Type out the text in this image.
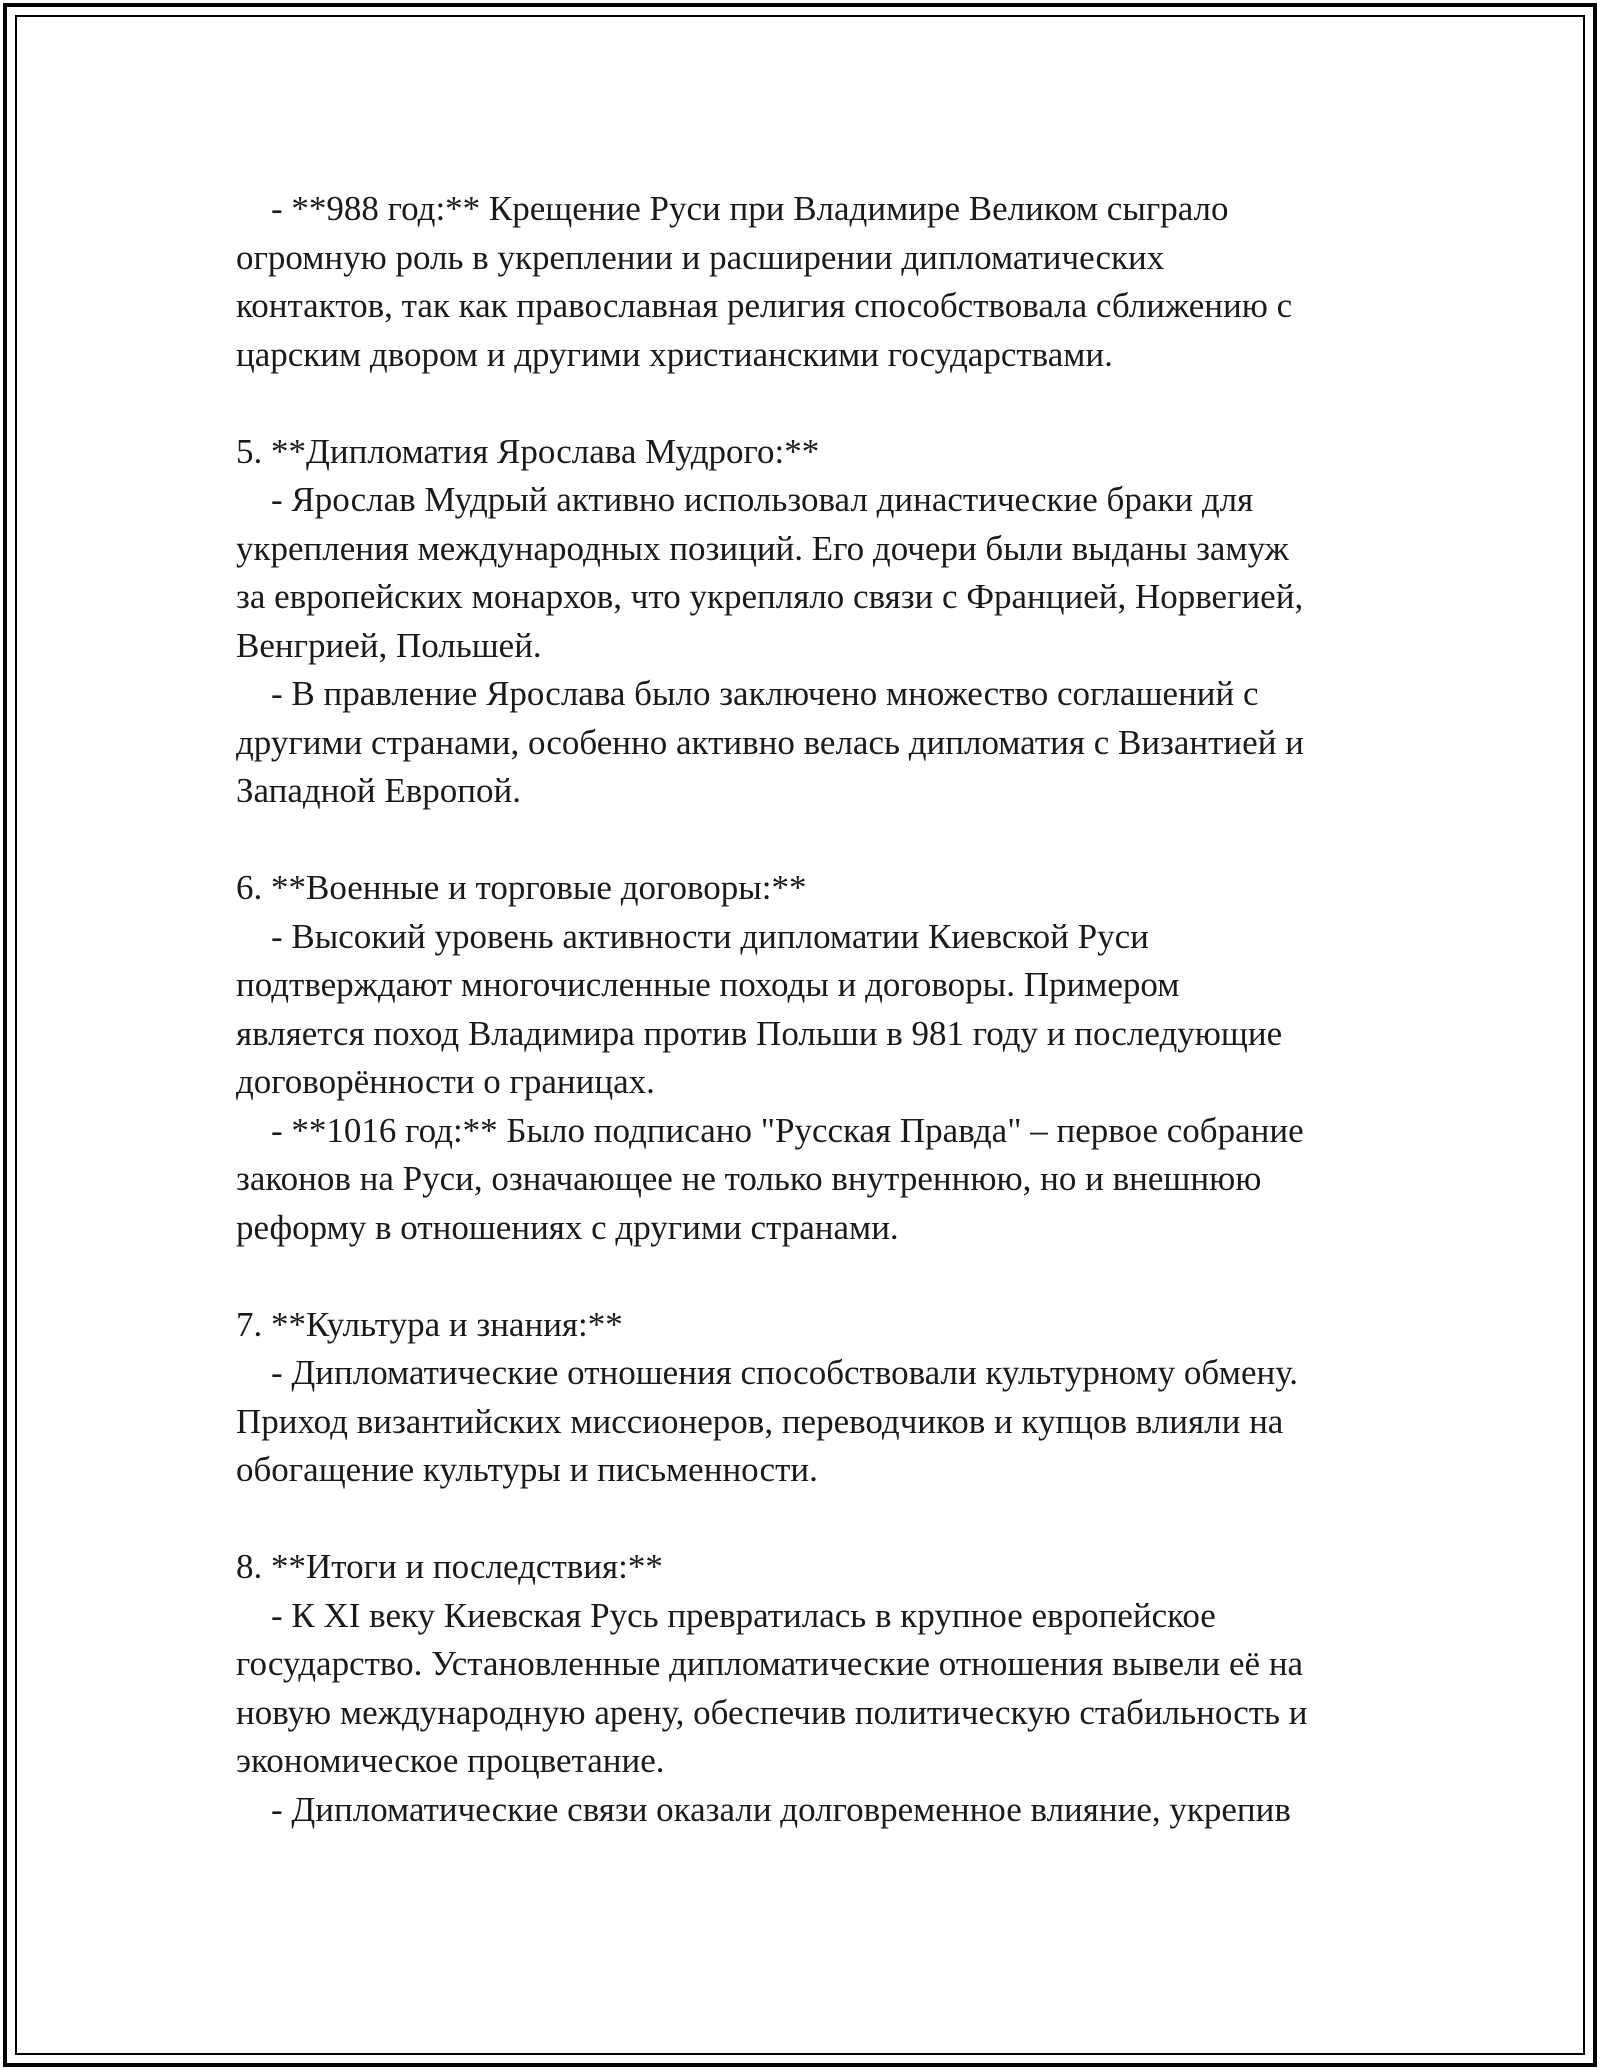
- **988 год:** Крещение Руси при Владимире Великом сыграло
огромную роль в укреплении и расширении дипломатических
контактов, так как православная религия способствовала сближению с
царским двором и другими христианскими государствами.
5. **Дипломатия Ярослава Мудрого:**
- Ярослав Мудрый активно использовал династические браки для
укрепления международных позиций. Его дочери были выданы замуж
за европейских монархов, что укрепляло связи с Францией, Норвегией,
Венгрией, Польшей.
- В правление Ярослава было заключено множество соглашений с
другими странами, особенно активно велась дипломатия с Византией и
Западной Европой.
6. **Военные и торговые договоры:**
- Высокий уровень активности дипломатии Киевской Руси
подтверждают многочисленные походы и договоры. Примером
является поход Владимира против Польши в 981 году и последующие
договорённости о границах.
- **1016 год:** Было подписано "Русская Правда" – первое собрание
законов на Руси, означающее не только внутреннюю, но и внешнюю
реформу в отношениях с другими странами.
7. **Культура и знания:**
- Дипломатические отношения способствовали культурному обмену.
Приход византийских миссионеров, переводчиков и купцов влияли на
обогащение культуры и письменности.
8. **Итоги и последствия:**
- К XI веку Киевская Русь превратилась в крупное европейское
государство. Установленные дипломатические отношения вывели её на
новую международную арену, обеспечив политическую стабильность и
экономическое процветание.
- Дипломатические связи оказали долговременное влияние, укрепив
